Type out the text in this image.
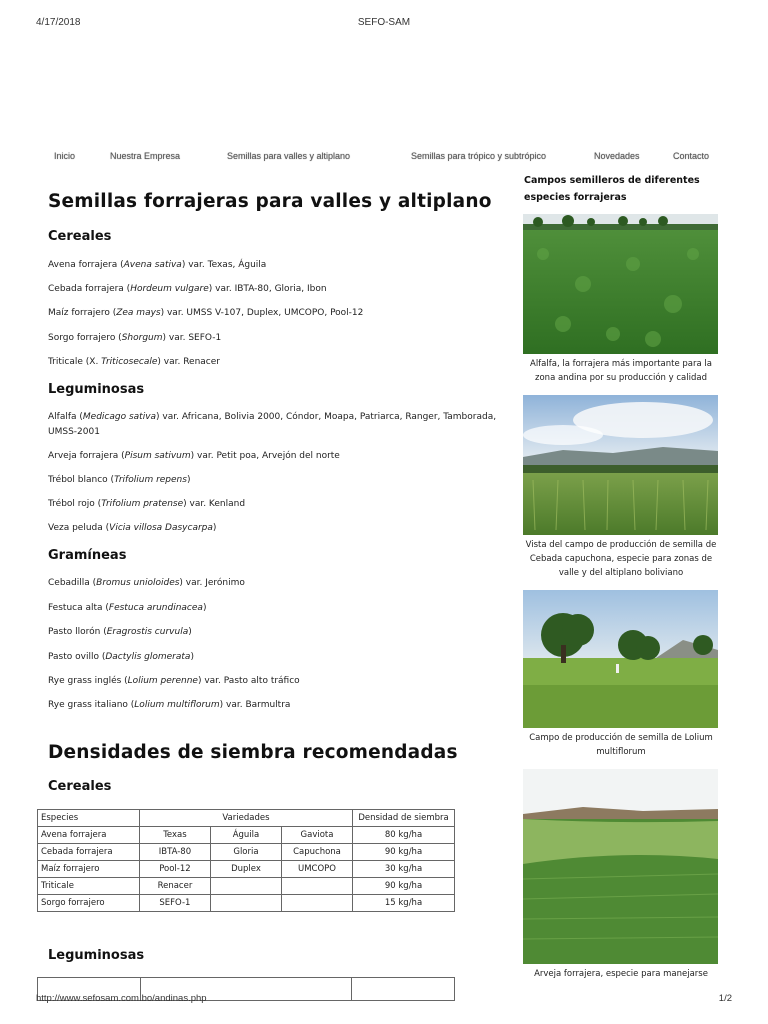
4/17/2018	SEFO-SAM
Inicio	Nuestra Empresa	Semillas para valles y altiplano	Semillas para trópico y subtrópico	Novedades	Contacto
Semillas forrajeras para valles y altiplano
Cereales
Avena forrajera (Avena sativa) var. Texas, Águila
Cebada forrajera (Hordeum vulgare) var. IBTA-80, Gloria, Ibon
Maíz forrajero (Zea mays) var. UMSS V-107, Duplex, UMCOPO, Pool-12
Sorgo forrajero (Shorgum) var. SEFO-1
Triticale (X. Triticosecale) var. Renacer
Leguminosas
Alfalfa (Medicago sativa) var. Africana, Bolivia 2000, Cóndor, Moapa, Patriarca, Ranger, Tamborada, UMSS-2001
Arveja forrajera (Pisum sativum) var. Petit poa, Arvejón del norte
Trébol blanco (Trifolium repens)
Trébol rojo (Trifolium pratense) var. Kenland
Veza peluda (Vicia villosa Dasycarpa)
Gramíneas
Cebadilla (Bromus unioloides) var. Jerónimo
Festuca alta (Festuca arundinacea)
Pasto llorón (Eragrostis curvula)
Pasto ovillo (Dactylis glomerata)
Rye grass inglés (Lolium perenne) var. Pasto alto tráfico
Rye grass italiano (Lolium multiflorum) var. Barmultra
Densidades de siembra recomendadas
Cereales
Especies	Variedades			Densidad de siembra
Avena forrajera	Texas	Águila	Gaviota	80 kg/ha
Cebada forrajera	IBTA-80	Gloria	Capuchona	90 kg/ha
Maíz forrajero	Pool-12	Duplex	UMCOPO	30 kg/ha
Triticale	Renacer			90 kg/ha
Sorgo forrajero	SEFO-1			15 kg/ha
Leguminosas

Campos semilleros de diferentes especies forrajeras
Alfalfa, la forrajera más importante para la zona andina por su producción y calidad
Vista del campo de producción de semilla de Cebada capuchona, especie para zonas de valle y del altiplano boliviano
Campo de producción de semilla de Lolium multiflorum
Arveja forrajera, especie para manejarse
http://www.sefosam.com.bo/andinas.php	1/2
